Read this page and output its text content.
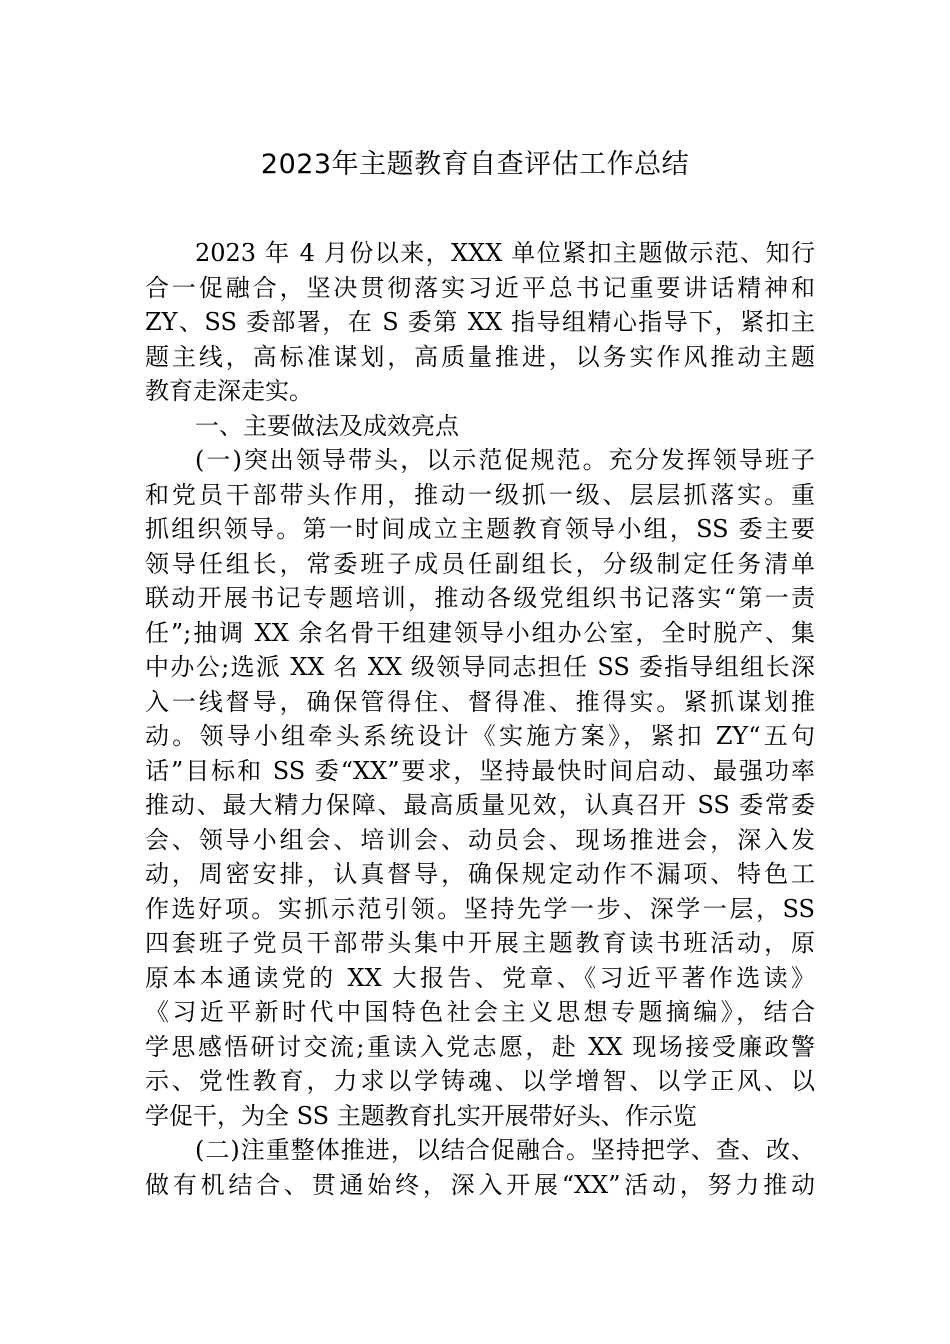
2023年主题教育自查评估工作总结
2023 年 4 月份以来，XXX 单位紧扣主题做示范、知行
合一促融合，坚决贯彻落实习近平总书记重要讲话精神和
ZY、SS 委部署，在 S 委第 XX 指导组精心指导下，紧扣主
题主线，高标准谋划，高质量推进，以务实作风推动主题
教育走深走实。
一、主要做法及成效亮点
(一)突出领导带头，以示范促规范。充分发挥领导班子
和党员干部带头作用，推动一级抓一级、层层抓落实。重
抓组织领导。第一时间成立主题教育领导小组，SS 委主要
领导任组长，常委班子成员任副组长，分级制定任务清单
联动开展书记专题培训，推动各级党组织书记落实“第一责
任”;抽调 XX 余名骨干组建领导小组办公室，全时脱产、集
中办公;选派 XX 名 XX 级领导同志担任 SS 委指导组组长深
入一线督导，确保管得住、督得准、推得实。紧抓谋划推
动。领导小组牵头系统设计《实施方案》，紧扣 ZY“五句
话”目标和 SS 委“XX”要求，坚持最快时间启动、最强功率
推动、最大精力保障、最高质量见效，认真召开 SS 委常委
会、领导小组会、培训会、动员会、现场推进会，深入发
动，周密安排，认真督导，确保规定动作不漏项、特色工
作选好项。实抓示范引领。坚持先学一步、深学一层，SS
四套班子党员干部带头集中开展主题教育读书班活动，原
原本本通读党的 XX 大报告、党章、《习近平著作选读》
《习近平新时代中国特色社会主义思想专题摘编》，结合
学思感悟研讨交流;重读入党志愿，赴 XX 现场接受廉政警
示、党性教育，力求以学铸魂、以学增智、以学正风、以
学促干，为全 SS 主题教育扎实开展带好头、作示览
(二)注重整体推进，以结合促融合。坚持把学、查、改、
做有机结合、贯通始终，深入开展“XX”活动，努力推动
